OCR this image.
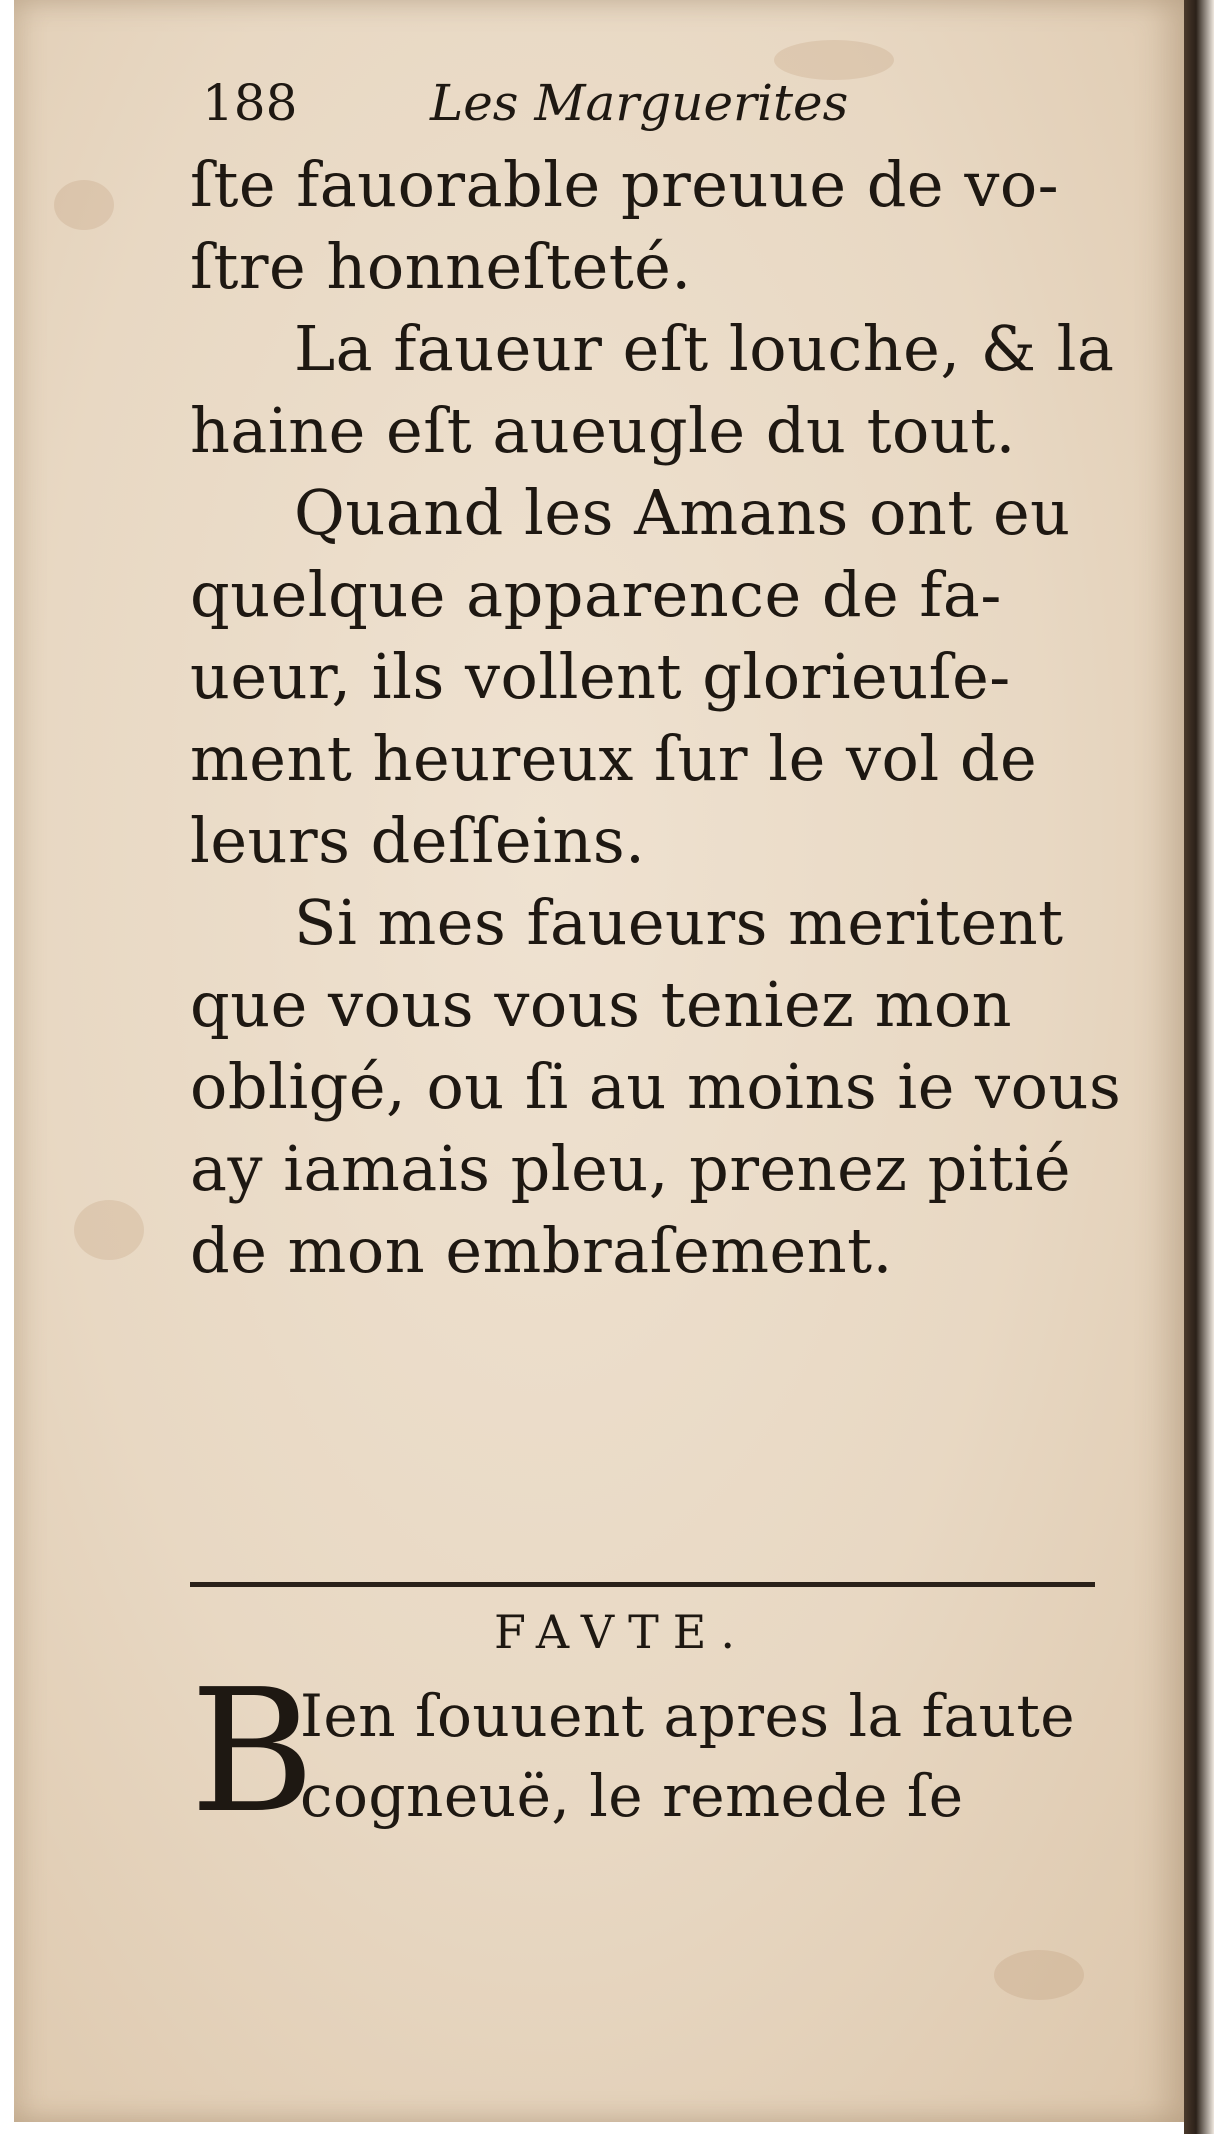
188	Les Marguerites
ſte fauorable preuue de vo-
ſtre honneſteté.
La faueur eſt louche, & la
haine eſt aueugle du tout.
Quand les Amans ont eu
quelque apparence de fa-
ueur, ils vollent glorieuſe-
ment heureux ſur le vol de
leurs deſſeins.
Si mes faueurs meritent
que vous vous teniez mon
obligé, ou ſi au moins ie vous
ay iamais pleu, prenez pitié
de mon embraſement.
FAVTE.
B
Ien ſouuent apres la faute
cogneuë, le remede ſe
